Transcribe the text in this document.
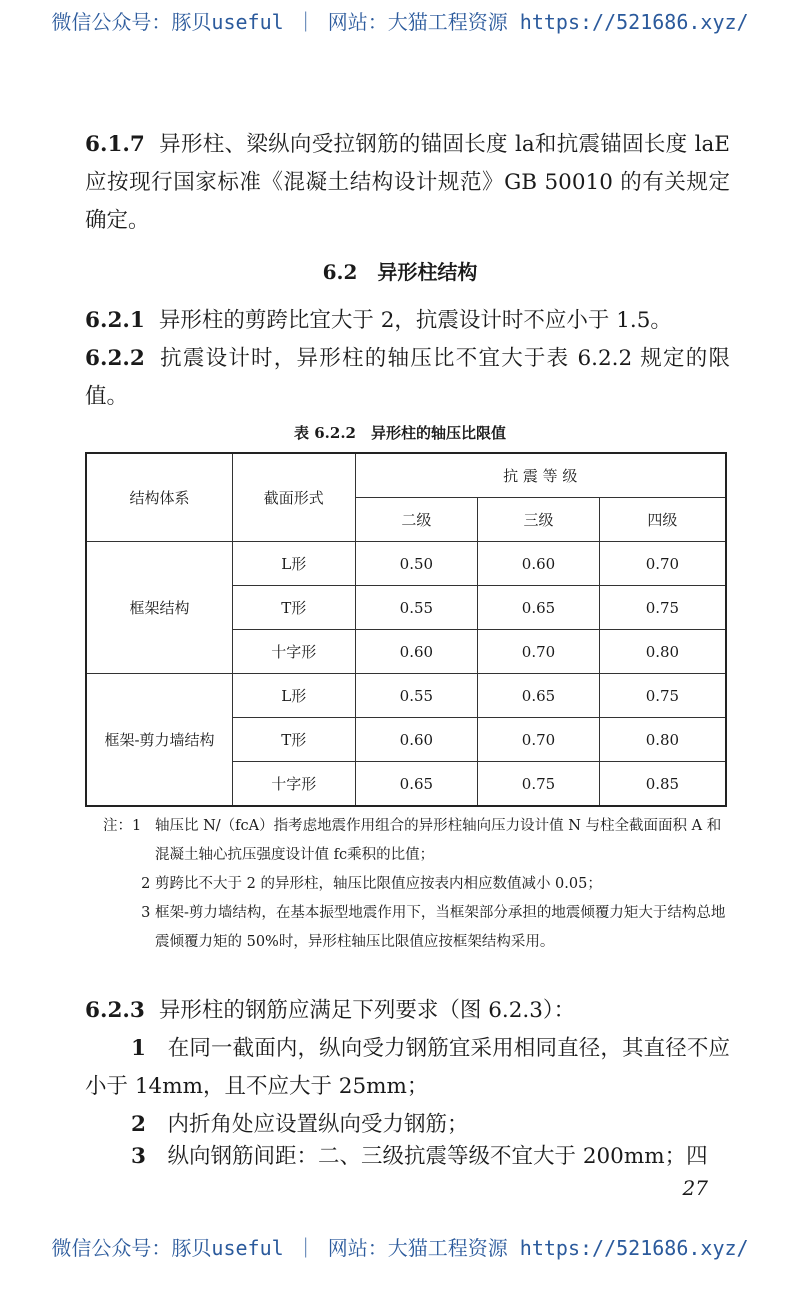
微信公众号：豚贝useful ｜ 网站：大猫工程资源 https://521686.xyz/
6.1.7 异形柱、梁纵向受拉钢筋的锚固长度 la和抗震锚固长度 laE应按现行国家标准《混凝土结构设计规范》GB 50010 的有关规定确定。
6.2　异形柱结构
6.2.1 异形柱的剪跨比宜大于 2，抗震设计时不应小于 1.5。
6.2.2 抗震设计时，异形柱的轴压比不宜大于表 6.2.2 规定的限值。
表 6.2.2　异形柱的轴压比限值
结构体系	截面形式	抗 震 等 级		
		二级	三级	四级
框架结构	L形	0.50	0.60	0.70
	T形	0.55	0.65	0.75
	十字形	0.60	0.70	0.80
框架-剪力墙结构	L形	0.55	0.65	0.75
	T形	0.60	0.70	0.80
	十字形	0.65	0.75	0.85
注：1 轴压比 N/（fcA）指考虑地震作用组合的异形柱轴向压力设计值 N 与柱全截面面积 A 和混凝土轴心抗压强度设计值 fc乘积的比值；
2 剪跨比不大于 2 的异形柱，轴压比限值应按表内相应数值减小 0.05；
3 框架-剪力墙结构，在基本振型地震作用下，当框架部分承担的地震倾覆力矩大于结构总地震倾覆力矩的 50%时，异形柱轴压比限值应按框架结构采用。
6.2.3 异形柱的钢筋应满足下列要求（图 6.2.3）：
1　 在同一截面内，纵向受力钢筋宜采用相同直径，其直径不应小于 14mm，且不应大于 25mm；
2　 内折角处应设置纵向受力钢筋；
3　 纵向钢筋间距：二、三级抗震等级不宜大于 200mm；四
27
微信公众号：豚贝useful ｜ 网站：大猫工程资源 https://521686.xyz/
